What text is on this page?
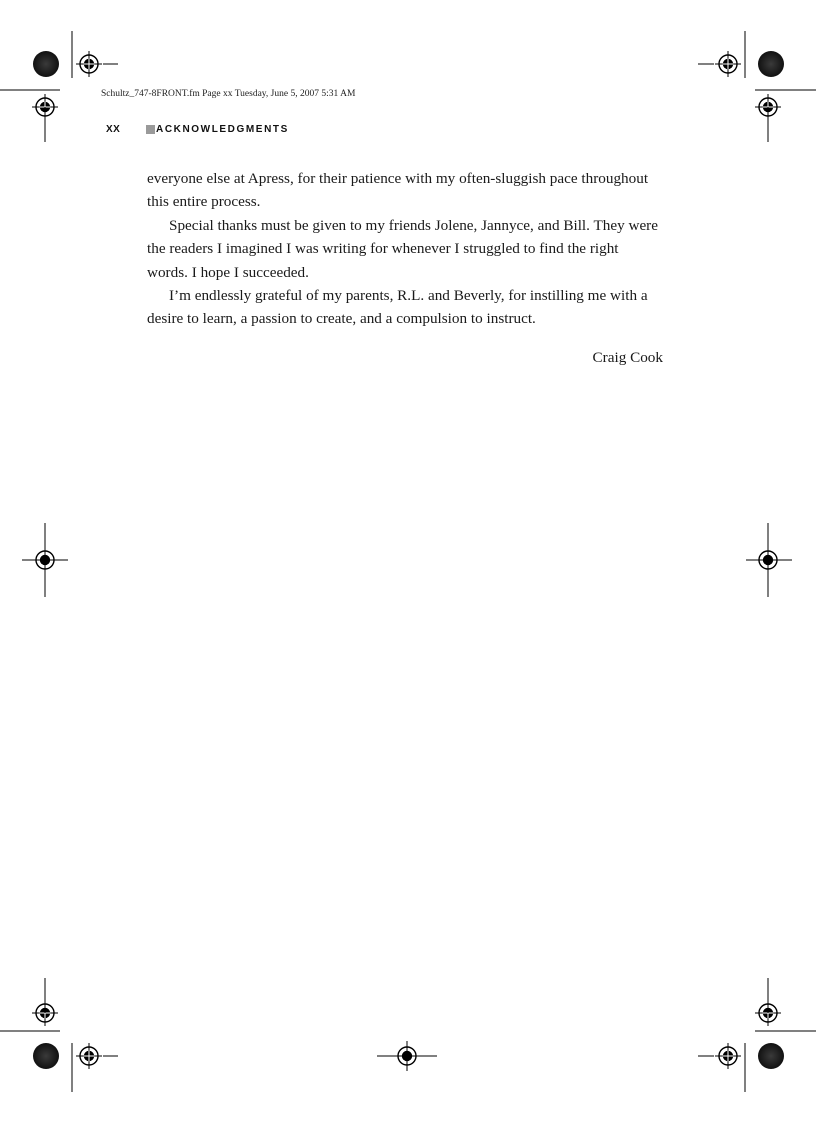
Schultz_747-8FRONT.fm Page xx Tuesday, June 5, 2007 5:31 AM
XX	ACKNOWLEDGMENTS

everyone else at Apress, for their patience with my often-sluggish pace throughout this entire process.

Special thanks must be given to my friends Jolene, Jannyce, and Bill. They were the readers I imagined I was writing for whenever I struggled to find the right words. I hope I succeeded.

I’m endlessly grateful of my parents, R.L. and Beverly, for instilling me with a desire to learn, a passion to create, and a compulsion to instruct.

Craig Cook
